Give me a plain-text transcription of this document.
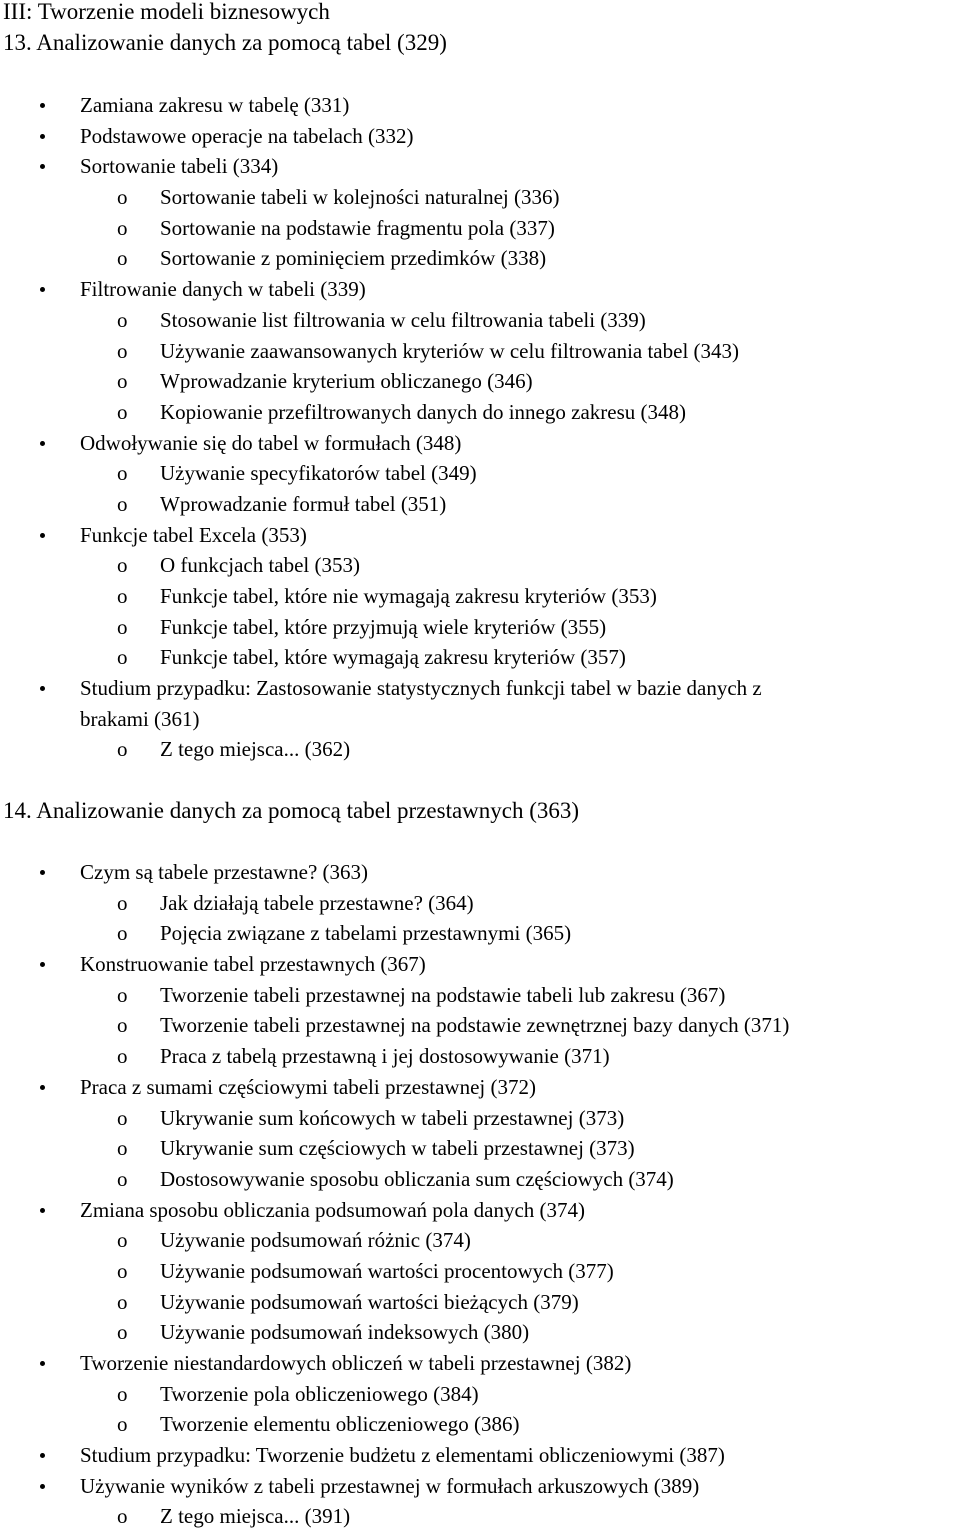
III: Tworzenie modeli biznesowych
13. Analizowanie danych za pomocą tabel (329)
Zamiana zakresu w tabelę (331)
Podstawowe operacje na tabelach (332)
Sortowanie tabeli (334)
o Sortowanie tabeli w kolejności naturalnej (336)
o Sortowanie na podstawie fragmentu pola (337)
o Sortowanie z pominięciem przedimków (338)
Filtrowanie danych w tabeli (339)
o Stosowanie list filtrowania w celu filtrowania tabeli (339)
o Używanie zaawansowanych kryteriów w celu filtrowania tabel (343)
o Wprowadzanie kryterium obliczanego (346)
o Kopiowanie przefiltrowanych danych do innego zakresu (348)
Odwoływanie się do tabel w formułach (348)
o Używanie specyfikatorów tabel (349)
o Wprowadzanie formuł tabel (351)
Funkcje tabel Excela (353)
o O funkcjach tabel (353)
o Funkcje tabel, które nie wymagają zakresu kryteriów (353)
o Funkcje tabel, które przyjmują wiele kryteriów (355)
o Funkcje tabel, które wymagają zakresu kryteriów (357)
Studium przypadku: Zastosowanie statystycznych funkcji tabel w bazie danych z
brakami (361)
o Z tego miejsca... (362)
14. Analizowanie danych za pomocą tabel przestawnych (363)
Czym są tabele przestawne? (363)
o Jak działają tabele przestawne? (364)
o Pojęcia związane z tabelami przestawnymi (365)
Konstruowanie tabel przestawnych (367)
o Tworzenie tabeli przestawnej na podstawie tabeli lub zakresu (367)
o Tworzenie tabeli przestawnej na podstawie zewnętrznej bazy danych (371)
o Praca z tabelą przestawną i jej dostosowywanie (371)
Praca z sumami częściowymi tabeli przestawnej (372)
o Ukrywanie sum końcowych w tabeli przestawnej (373)
o Ukrywanie sum częściowych w tabeli przestawnej (373)
o Dostosowywanie sposobu obliczania sum częściowych (374)
Zmiana sposobu obliczania podsumowań pola danych (374)
o Używanie podsumowań różnic (374)
o Używanie podsumowań wartości procentowych (377)
o Używanie podsumowań wartości bieżących (379)
o Używanie podsumowań indeksowych (380)
Tworzenie niestandardowych obliczeń w tabeli przestawnej (382)
o Tworzenie pola obliczeniowego (384)
o Tworzenie elementu obliczeniowego (386)
Studium przypadku: Tworzenie budżetu z elementami obliczeniowymi (387)
Używanie wyników z tabeli przestawnej w formułach arkuszowych (389)
o Z tego miejsca... (391)
